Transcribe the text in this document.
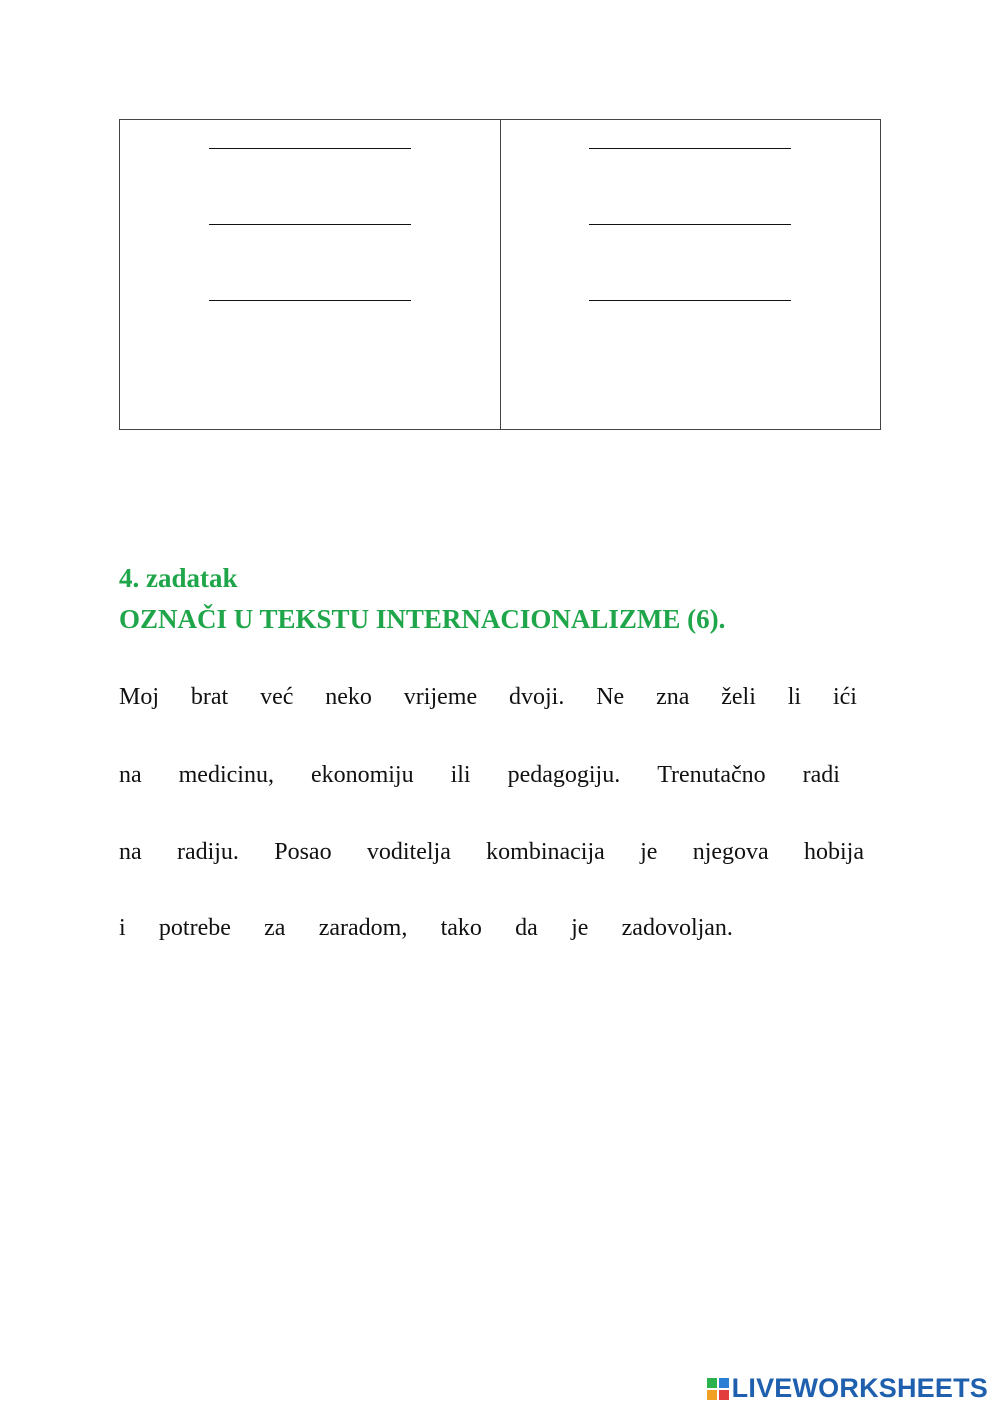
4. zadatak
OZNAČI U TEKSTU INTERNACIONALIZME (6).
Moj brat već neko vrijeme dvoji. Ne zna želi li ići
na medicinu, ekonomiju ili pedagogiju. Trenutačno radi
na radiju. Posao voditelja kombinacija je njegova hobija
i potrebe za zaradom, tako da je zadovoljan.
LIVEWORKSHEETS
